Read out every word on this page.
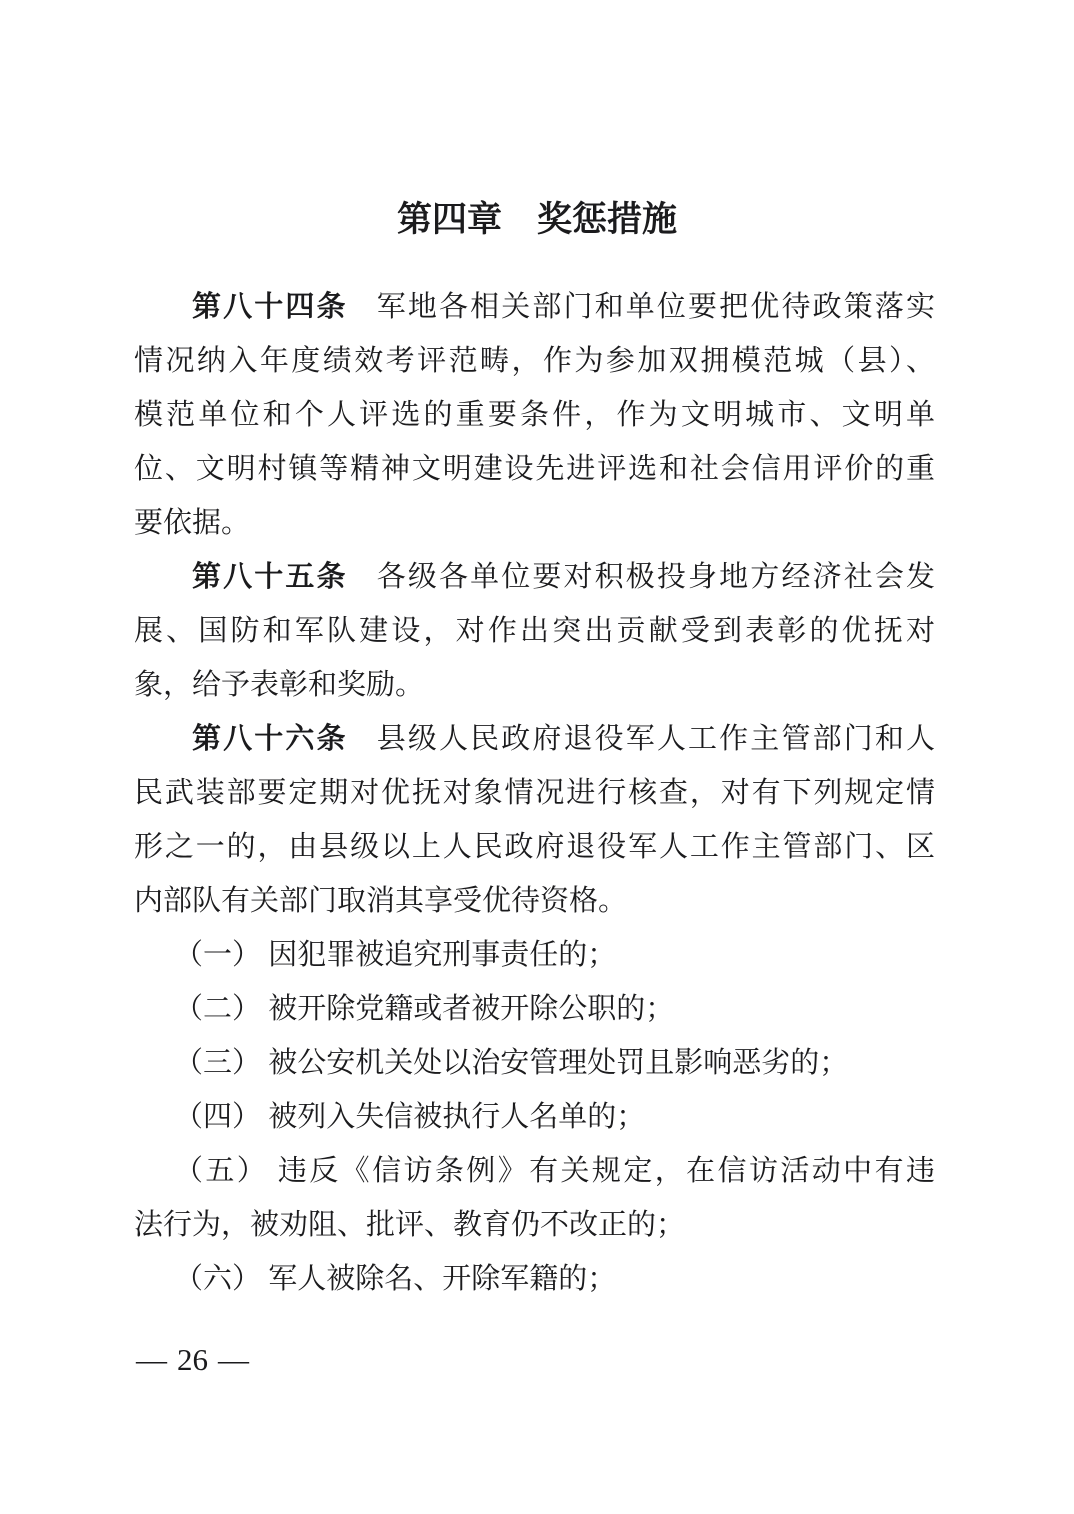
第四章 奖惩措施
第八十四条 军地各相关部门和单位要把优待政策落实
情况纳入年度绩效考评范畴，作为参加双拥模范城（县）、
模范单位和个人评选的重要条件，作为文明城市、文明单
位、文明村镇等精神文明建设先进评选和社会信用评价的重
要依据。
第八十五条 各级各单位要对积极投身地方经济社会发
展、国防和军队建设，对作出突出贡献受到表彰的优抚对
象，给予表彰和奖励。
第八十六条 县级人民政府退役军人工作主管部门和人
民武装部要定期对优抚对象情况进行核查，对有下列规定情
形之一的，由县级以上人民政府退役军人工作主管部门、区
内部队有关部门取消其享受优待资格。
（一） 因犯罪被追究刑事责任的；
（二） 被开除党籍或者被开除公职的；
（三） 被公安机关处以治安管理处罚且影响恶劣的；
（四） 被列入失信被执行人名单的；
（五） 违反《信访条例》有关规定，在信访活动中有违
法行为，被劝阻、批评、教育仍不改正的；
（六） 军人被除名、开除军籍的；
— 26 —
